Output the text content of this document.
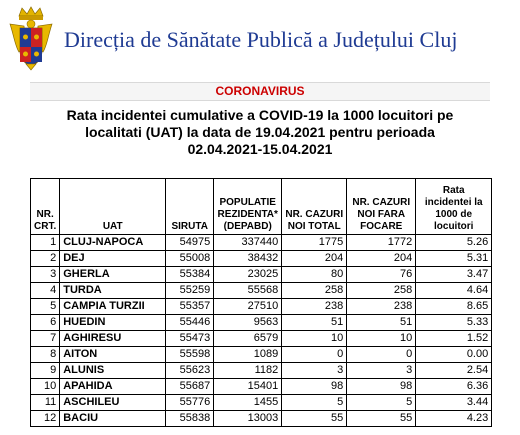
Direcția de Sănătate Publică a Județului Cluj
CORONAVIRUS
Rata incidentei cumulative a COVID-19 la 1000 locuitori pe
localitati (UAT) la data de 19.04.2021 pentru perioada
02.04.2021-15.04.2021
NR. CRT.	UAT	SIRUTA	POPULATIE REZIDENTA* (DEPABD)	NR. CAZURI NOI TOTAL	NR. CAZURI NOI FARA FOCARE	Rata incidentei la 1000 de locuitori
1	CLUJ-NAPOCA	54975	337440	1775	1772	5.26
2	DEJ	55008	38432	204	204	5.31
3	GHERLA	55384	23025	80	76	3.47
4	TURDA	55259	55568	258	258	4.64
5	CAMPIA TURZII	55357	27510	238	238	8.65
6	HUEDIN	55446	9563	51	51	5.33
7	AGHIRESU	55473	6579	10	10	1.52
8	AITON	55598	1089	0	0	0.00
9	ALUNIS	55623	1182	3	3	2.54
10	APAHIDA	55687	15401	98	98	6.36
11	ASCHILEU	55776	1455	5	5	3.44
12	BACIU	55838	13003	55	55	4.23
